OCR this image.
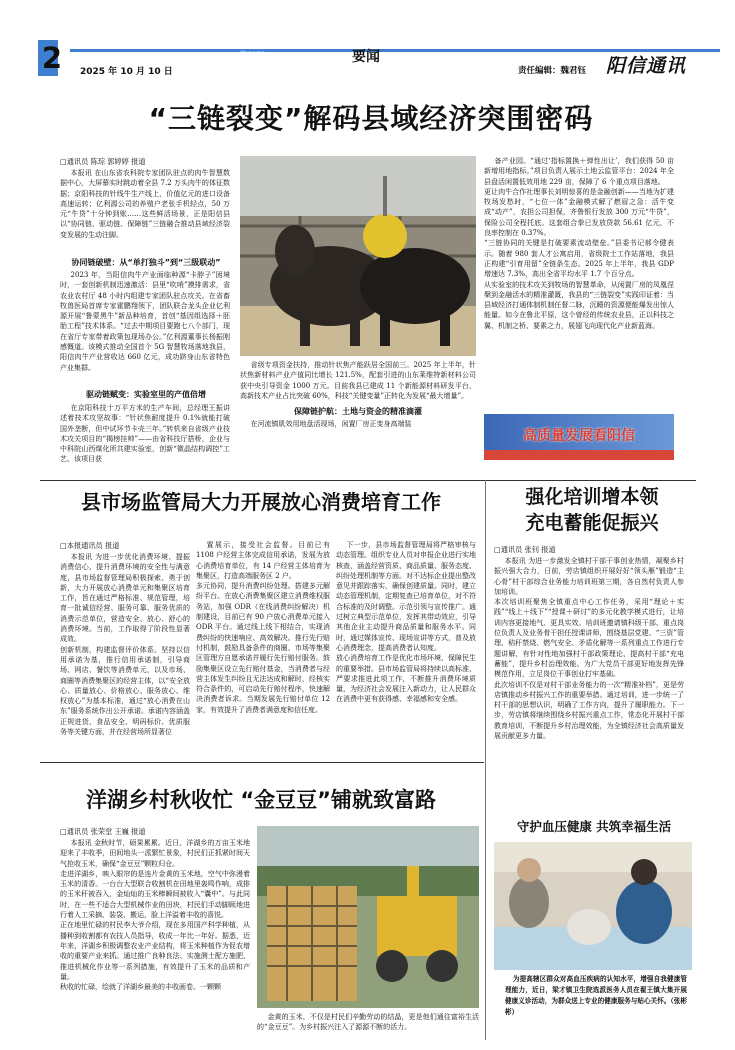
2	Yaowen	要闻
2025 年 10 月 10 日	责任编辑：魏君钰 阳信通讯
“三链裂变”解码县域经济突围密码
□通讯员 陈琮 郭婷婷 报道

本报讯 在山东省农科院专家团队驻点的肉牛智慧数据中心，大屏幕实时跳动着全县 7.2 万头肉牛的体征数据；京阳科技的针线牛生产线上，价值亿元的进口设备高速运转；亿利源公司的养殖户老张手机轻点，50 万元“牛贷”十分钟到账……这些鲜活场景，正是阳信县以“协同链、驱动链、保障链”三链融合推动县域经济裂变发展的生动注脚。

协同链破壁：从“单打独斗”到“三级联动”

2023 年，当阳信肉牛产业面临种源“卡脖子”困境时，一套创新机制迅速激活：县里“吹哨”摸排需求，省农业农村厅 48 小时内组建专家团队驻点攻关。在省畜牧兽医局首席专家霍鹏翔领下，团队联合龙头企业亿利源开展“鲁蒙黑牛”新品种培育，首创“基因组选择＋胚胎工程”技术体系。“过去中期项目要跑七八个部门，现在省厅专家带着政策包现场办公。”亿利源董事长杨振刚感慨道。该模式推动全国首个 5G 智慧牧场落地我县，阳信肉牛产业营收达 660 亿元，成功跻身山东省特色产业集群。

驱动链赋变：实验室里的产值倍增

在京阳科技十万平方米的生产车间，总经理王振讲述着技术攻坚故事：“针状焦耐度提升 0.1%就能打破国外垄断，但中试环节卡壳三年。”转机来自省级产业技术攻关项目的“揭榜挂帅”——由省科技厅搭桥，企业与中科院山西煤化所共建实验室，创新“微晶结构调控”工艺。该项目获

省级专项资金扶持，推动针状焦产能跃居全国前三。2025 年上半年，针状焦新材料产业产值同比增长 121.5%，配套引进的山东莱维特新材料公司获中央引导资金 1000 万元。目前我县已建成 11 个新能源材料研发平台，高新技术产业占比突破 60%，科技“关键变量”正转化为发展“最大增量”。

保障链护航：土地与资金的精准滴灌

在河流镇肌效用地盘活现场，闲置厂房正变身高端装

备产业园。“通过‘指标置换＋弹性出让’，我们获得 50 亩新增用地指标。”项目负责人展示土地云监管平台：2024 年全县盘活闲置低效用地 229 亩，保障了 6 个重点项目落地。
更让肉牛合作社理事长刘明惊喜的是金融创新——当地为扩建牧场发愁时，“七位一体”金融模式解了燃眉之急：活牛变成“动产”，农担公司担保，齐鲁银行发放 300 万元“牛贷”，保险公司全程托底。这套组合拳已发放贷款 56.61 亿元，不良率控制在 0.37%。
“三链协同的关键是打破要素流动壁垒。”县委书记郝令健表示。随着 980 套人才公寓启用，省级院士工作站落地，我县正构建“引育用留”全链条生态。2025 年上半年，我县 GDP 增速达 7.3%，高出全省平均水平 1.7 个百分点。
从实验室的技术攻关到牧场的智慧革命，从闲置厂房的凤凰涅槃到金融活水的精准灌溉，我县的“三链裂变”实践印证着：当县域经济打通体制机制任督二脉，沉睡的资源便能爆发出惊人能量。如今在鲁北平原，这个曾经的传统农业县，正以科技之翼、机制之桥、要素之力，展翅飞向现代化产业新蓝海。

高质量发展看阳信
县市场监管局大力开展放心消费培育工作
□本报通讯员 报道

本报讯 为进一步优化消费环境、提振消费信心，提升消费环境的安全性与满意度，县市场监督管理局积极探索、勇于创新，大力开展放心消费单元和集聚区培育工作，旨在通过严格标准、规范管理，培育一批诚信经营、服务可靠、服务优质的消费示范单位，营造安全、放心、舒心的消费环境。当前，工作取得了阶段性显著成效。
创新机制，构建监督评价体系。坚持以信用承诺为基，推行信用承诺制，引导商场、网店、餐饮等消费单元，以及市场、商圈等消费集聚区的经营主体，以“安全放心、质量放心、价格放心、服务放心、维权放心”为基本标准，通过“放心消费在山东”服务系统作出公开承诺。承诺内容涵盖正规进货、食品安全、明码标价、优质服务等关键方面，并在经营场所显著位

置展示，接受社会监督。目前已有 1108 户经营主体完成信用承诺，发展为放心消费培育单位，有 14 户经营主体培育为集聚区，打造高端服务区 2 户。
多元协同，提升消费纠纷处理。搭建多元解纷平台。在放心消费集聚区建立消费维权服务站，加强 ODR（在线消费纠纷解决）机制建设，目前已有 90 户放心消费单元接入 ODR 平台。通过线上线下相结合，实现消费纠纷的快速响应、高效解决。推行先行赔付机制，鼓励具备条件的商圈、市场等集聚区管理方自愿承诺并履行先行赔付服务。鼓励集聚区设立先行赔付基金，当消费者与经营主体发生纠纷且无法达成和解时，经核实符合条件的，可启动先行赔付程序，快速解决消费者诉求。当期发展先行赔付单位 12 家，有效提升了消费者满意度和信任度。

下一步，县市场监督管理局将严格审核与动态管理。组织专业人员对申报企业进行实地核查，涵盖经营资质、商品质量、服务态度、纠纷处理机制等方面。对不达标企业提出整改意见并跟踪落实，确保创建质量。同时，建立动态管理机制，定期复查已培育单位，对不符合标准的及时调整。示范引领与宣传推广。通过树立典型示范单位，发挥其带动效应，引导其他企业主动提升商品质量和服务水平。同时，通过媒体宣传、现场宣讲等方式，普及放心消费理念，提高消费者认知度。
放心消费培育工作是优化市场环境、保障民生的重要举措。县市场监管局将持续以高标准、严要求推进此项工作，不断推升消费环境质量，为经济社会发展注入新动力，让人民群众在消费中更有获得感、幸福感和安全感。

强化培训增本领
充电蓄能促振兴
□通讯员 张钊 报道

本报讯 为进一步激发全镇村干部干事创业热情，凝聚乡村振兴强大合力，日前，劳店镇组织开展好好“领头雁”锻造“主心骨”村干部综合业务能力培训班第三期，各自然村负责人参加培训。
本次培训班聚焦全镇重点中心工作任务，采用“理论＋实践”“线上＋线下”“授课＋研讨”的多元化教学模式进行，让培训内容更接地气、更具实效。培训班邀请镇科级干部、重点岗位负责人及业务骨干担任授课讲师，围绕基层党建、“三资”管理、秸秆禁烧、燃气安全、矛盾化解等一系列重点工作进行专题讲解，有针对性地加强村干部政策理论、提高村干部“充电蓄能”，提升乡村治理效能。为广大党员干部更好地发挥先锋模范作用，立足岗位干事创业打牢基础。
此次培训不仅是对村干部业务能力的一次“精准补档”，更是劳店镇推动乡村振兴工作的重要举措。通过培训，进一步统一了村干部的思想认识，明确了工作方向，提升了履职能力。下一步，劳店镇将继续围绕乡村振兴重点工作，常态化开展村干部教育培训，不断提升乡村治理效能，为全镇经济社会高质量发展贡献更多力量。

洋湖乡村秋收忙 “金豆豆”铺就致富路
□通讯员 张荣堂 王巍 报道

本报讯 金秋时节，硕果累累。近日，洋湖乡的万亩玉米地迎来了丰收季，田间地头一派繁忙景象，村民们正抓紧时间天气抢收玉米，确保“金豆豆”颗粒归仓。
走进洋湖乡，映入眼帘的是连片金黄的玉米地，空气中弥漫着玉米的清香。一台台大型联合收割机在田地里轰鸣作响，成排的玉米秆被吞入，金灿灿的玉米棒瞬间被收入“囊中”。与此同时，在一些不适合大型机械作业的田块，村民们手动脚顾地进行着人工采摘、装袋、搬运，脸上洋溢着丰收的喜悦。
正在地里忙碌的村民李大爷介绍，现在多用国产科学种植，从播种到收割都有农技人员指导，收成一年比一年好。据悉，近年来，洋湖乡积极调整农业产业结构，将玉米种植作为促农增收的重要产业来抓。通过推广良种良法、实施测土配方施肥、推进机械化作业等一系列措施，有效提升了玉米的品质和产量。
秋收的忙碌，绘就了洋湖乡最美的丰收画卷。一颗颗

金黄的玉米，不仅是村民们辛勤劳动的结晶，更是他们通往富裕生活的“金豆豆”。为乡村振兴注入了源源不断的活力。

守护血压健康 共筑幸福生活
为提高辖区群众对高血压疾病的认知水平，增强自我健康管理能力，近日，梁才镇卫生院选派医务人员在翟王镇大集开展健康义诊活动，为群众送上专业的健康服务与贴心关怀。（张彬彬）
